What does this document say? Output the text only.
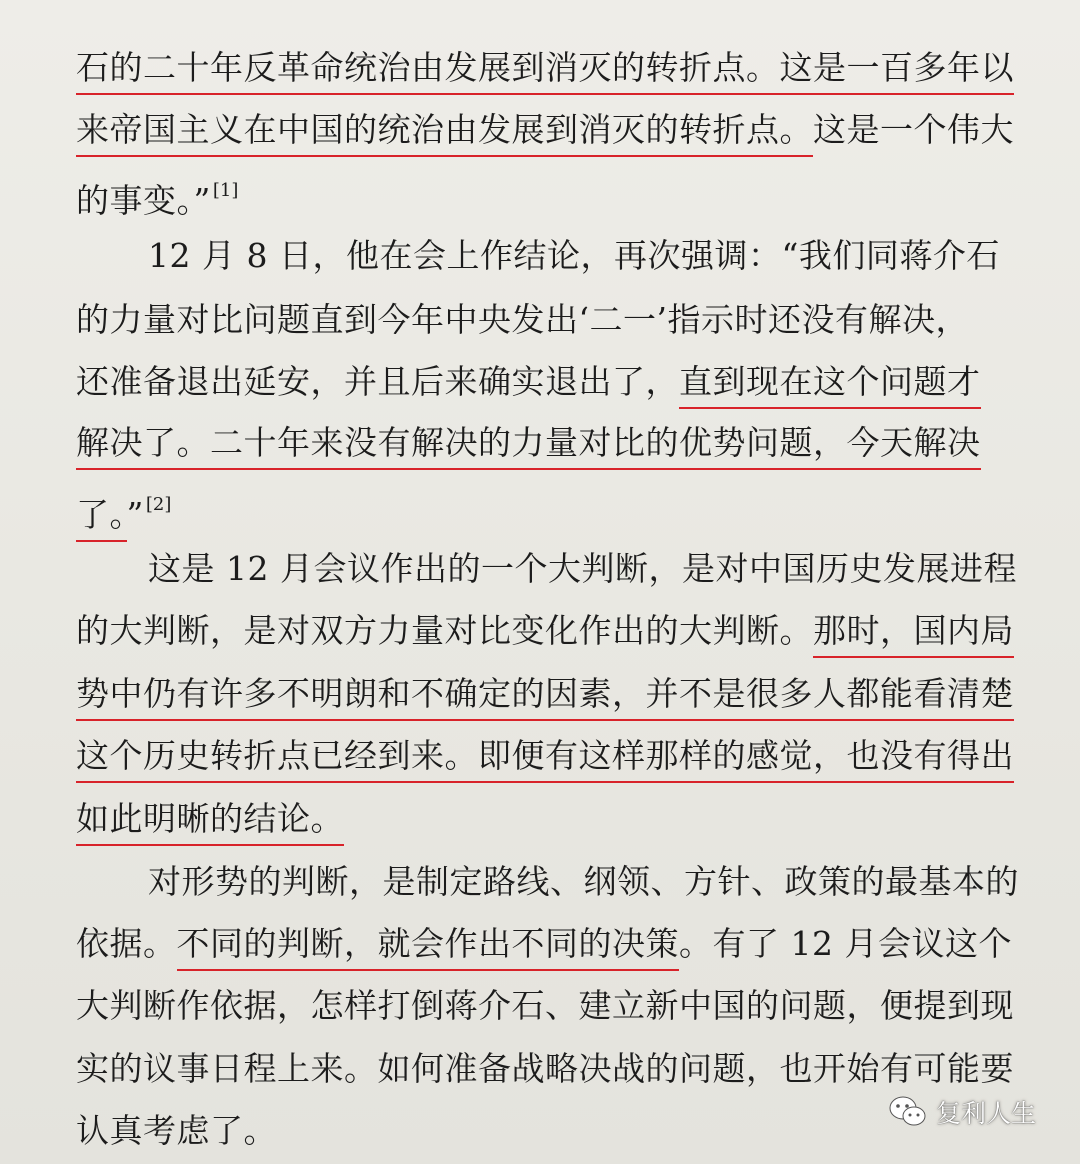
石的二十年反革命统治由发展到消灭的转折点。这是一百多年以
来帝国主义在中国的统治由发展到消灭的转折点。这是一个伟大
的事变。” [1]
12 月 8 日，他在会上作结论，再次强调：“我们同蒋介石
的力量对比问题直到今年中央发出‘二一’指示时还没有解决，
还准备退出延安，并且后来确实退出了，直到现在这个问题才
解决了。二十年来没有解决的力量对比的优势问题，今天解决
了。” [2]
这是 12 月会议作出的一个大判断，是对中国历史发展进程
的大判断，是对双方力量对比变化作出的大判断。那时，国内局
势中仍有许多不明朗和不确定的因素，并不是很多人都能看清楚
这个历史转折点已经到来。即便有这样那样的感觉，也没有得出
如此明晰的结论。
对形势的判断，是制定路线、纲领、方针、政策的最基本的
依据。不同的判断，就会作出不同的决策。有了 12 月会议这个
大判断作依据，怎样打倒蒋介石、建立新中国的问题，便提到现
实的议事日程上来。如何准备战略决战的问题，也开始有可能要
认真考虑了。	复利人生
